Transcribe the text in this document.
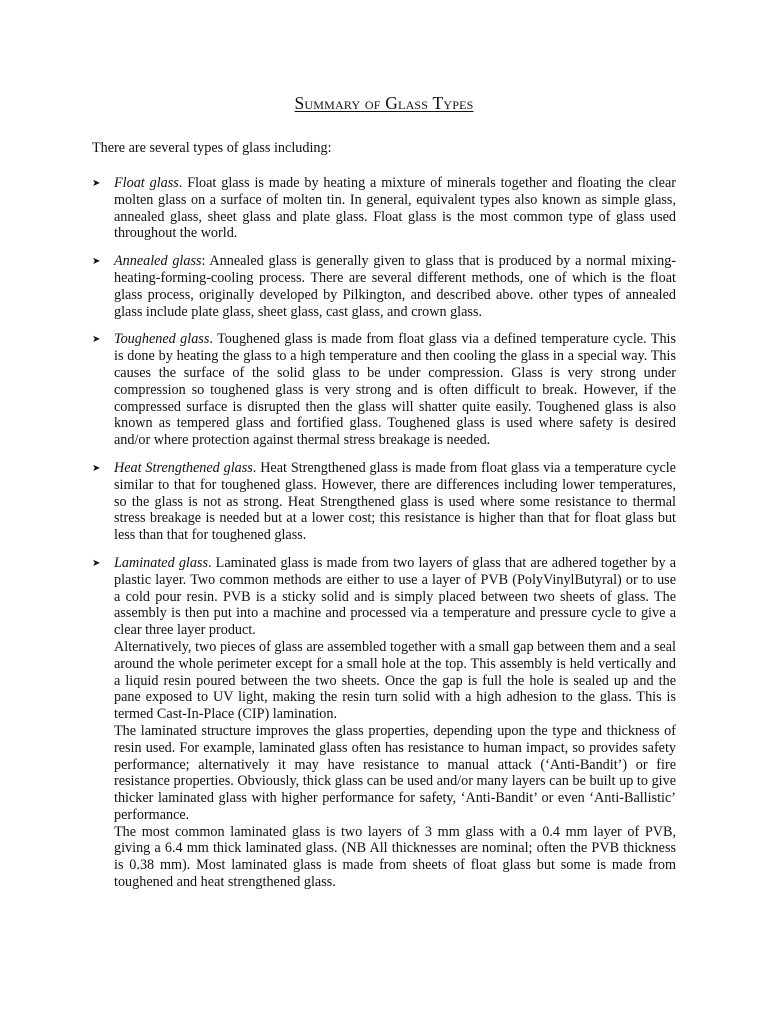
Summary of Glass Types
There are several types of glass including:
➤ Float glass. Float glass is made by heating a mixture of minerals together and floating the clear molten glass on a surface of molten tin. In general, equivalent types also known as simple glass, annealed glass, sheet glass and plate glass. Float glass is the most common type of glass used throughout the world.

➤ Annealed glass: Annealed glass is generally given to glass that is produced by a normal mixing-heating-forming-cooling process. There are several different methods, one of which is the float glass process, originally developed by Pilkington, and described above. other types of annealed glass include plate glass, sheet glass, cast glass, and crown glass.

➤ Toughened glass. Toughened glass is made from float glass via a defined temperature cycle. This is done by heating the glass to a high temperature and then cooling the glass in a special way. This causes the surface of the solid glass to be under compression. Glass is very strong under compression so toughened glass is very strong and is often difficult to break. However, if the compressed surface is disrupted then the glass will shatter quite easily. Toughened glass is also known as tempered glass and fortified glass. Toughened glass is used where safety is desired and/or where protection against thermal stress breakage is needed.

➤ Heat Strengthened glass. Heat Strengthened glass is made from float glass via a temperature cycle similar to that for toughened glass. However, there are differences including lower temperatures, so the glass is not as strong. Heat Strengthened glass is used where some resistance to thermal stress breakage is needed but at a lower cost; this resistance is higher than that for float glass but less than that for toughened glass.

➤ Laminated glass. Laminated glass is made from two layers of glass that are adhered together by a plastic layer. Two common methods are either to use a layer of PVB (PolyVinylButyral) or to use a cold pour resin. PVB is a sticky solid and is simply placed between two sheets of glass. The assembly is then put into a machine and processed via a temperature and pressure cycle to give a clear three layer product.

Alternatively, two pieces of glass are assembled together with a small gap between them and a seal around the whole perimeter except for a small hole at the top. This assembly is held vertically and a liquid resin poured between the two sheets. Once the gap is full the hole is sealed up and the pane exposed to UV light, making the resin turn solid with a high adhesion to the glass. This is termed Cast-In-Place (CIP) lamination.

The laminated structure improves the glass properties, depending upon the type and thickness of resin used. For example, laminated glass often has resistance to human impact, so provides safety performance; alternatively it may have resistance to manual attack (‘Anti-Bandit’) or fire resistance properties. Obviously, thick glass can be used and/or many layers can be built up to give thicker laminated glass with higher performance for safety, ‘Anti-Bandit’ or even ‘Anti-Ballistic’ performance.

The most common laminated glass is two layers of 3 mm glass with a 0.4 mm layer of PVB, giving a 6.4 mm thick laminated glass. (NB All thicknesses are nominal; often the PVB thickness is 0.38 mm). Most laminated glass is made from sheets of float glass but some is made from toughened and heat strengthened glass.
